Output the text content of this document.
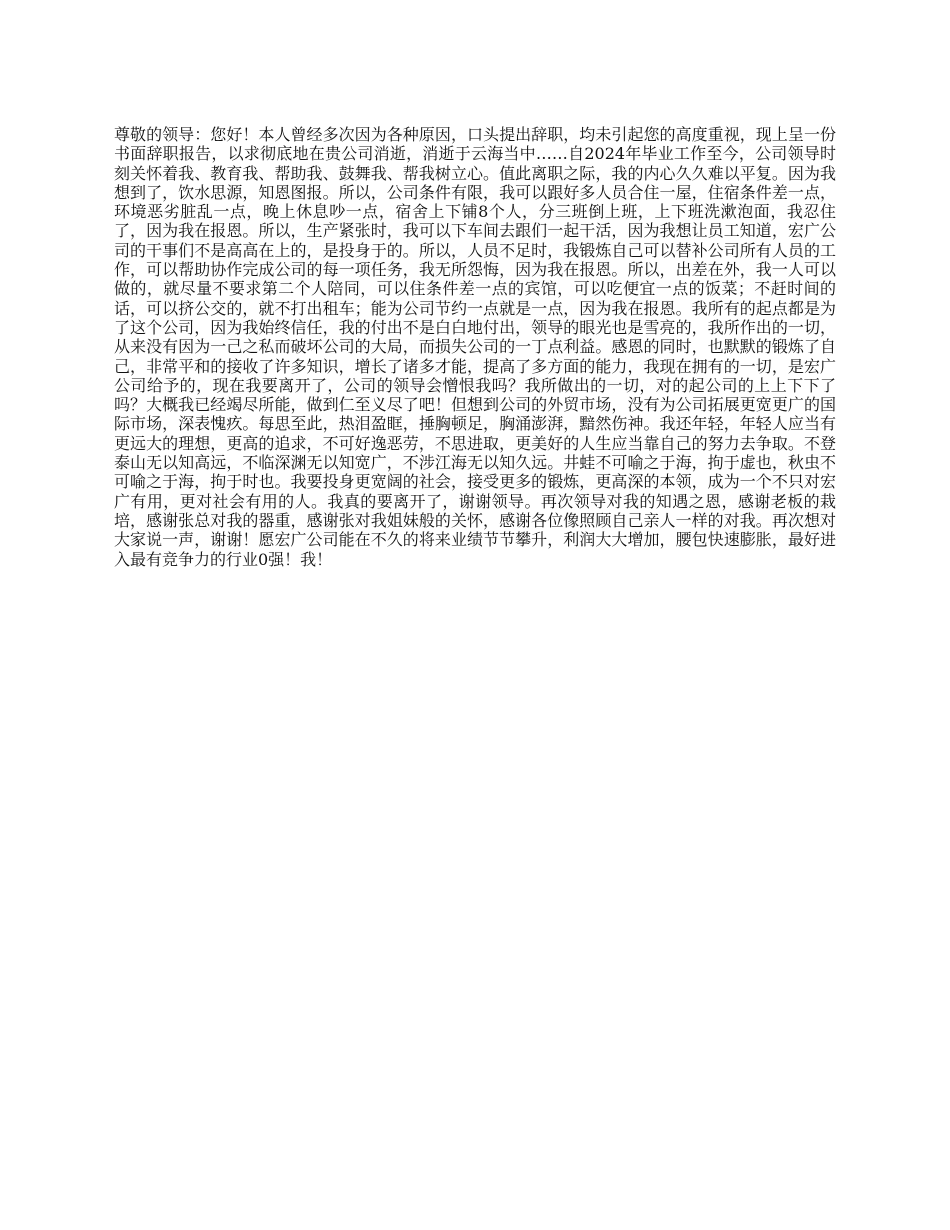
尊敬的领导：您好！本人曾经多次因为各种原因，口头提出辞职，均未引起您的高度重视，现上呈一份书面辞职报告，以求彻底地在贵公司消逝，消逝于云海当中……自2024年毕业工作至今，公司领导时刻关怀着我、教育我、帮助我、鼓舞我、帮我树立心。值此离职之际，我的内心久久难以平复。因为我想到了，饮水思源，知恩图报。所以，公司条件有限，我可以跟好多人员合住一屋，住宿条件差一点，环境恶劣脏乱一点，晚上休息吵一点，宿舍上下铺8个人，分三班倒上班，上下班洗漱泡面，我忍住了，因为我在报恩。所以，生产紧张时，我可以下车间去跟们一起干活，因为我想让员工知道，宏广公司的干事们不是高高在上的，是投身于的。所以，人员不足时，我锻炼自己可以替补公司所有人员的工作，可以帮助协作完成公司的每一项任务，我无所怨悔，因为我在报恩。所以，出差在外，我一人可以做的，就尽量不要求第二个人陪同，可以住条件差一点的宾馆，可以吃便宜一点的饭菜；不赶时间的话，可以挤公交的，就不打出租车；能为公司节约一点就是一点，因为我在报恩。我所有的起点都是为了这个公司，因为我始终信任，我的付出不是白白地付出，领导的眼光也是雪亮的，我所作出的一切，从来没有因为一己之私而破坏公司的大局，而损失公司的一丁点利益。感恩的同时，也默默的锻炼了自己，非常平和的接收了许多知识，增长了诸多才能，提高了多方面的能力，我现在拥有的一切，是宏广公司给予的，现在我要离开了，公司的领导会憎恨我吗？我所做出的一切，对的起公司的上上下下了吗？大概我已经竭尽所能，做到仁至义尽了吧！但想到公司的外贸市场，没有为公司拓展更宽更广的国际市场，深表愧疚。每思至此，热泪盈眶，捶胸顿足，胸涌澎湃，黯然伤神。我还年轻，年轻人应当有更远大的理想，更高的追求，不可好逸恶劳，不思进取，更美好的人生应当靠自己的努力去争取。不登泰山无以知高远，不临深渊无以知宽广，不涉江海无以知久远。井蛙不可喻之于海，拘于虚也，秋虫不可喻之于海，拘于时也。我要投身更宽阔的社会，接受更多的锻炼，更高深的本领，成为一个不只对宏广有用，更对社会有用的人。我真的要离开了，谢谢领导。再次领导对我的知遇之恩，感谢老板的栽培，感谢张总对我的器重，感谢张对我姐妹般的关怀，感谢各位像照顾自己亲人一样的对我。再次想对大家说一声，谢谢！愿宏广公司能在不久的将来业绩节节攀升，利润大大增加，腰包快速膨胀，最好进入最有竞争力的行业0强！我！
